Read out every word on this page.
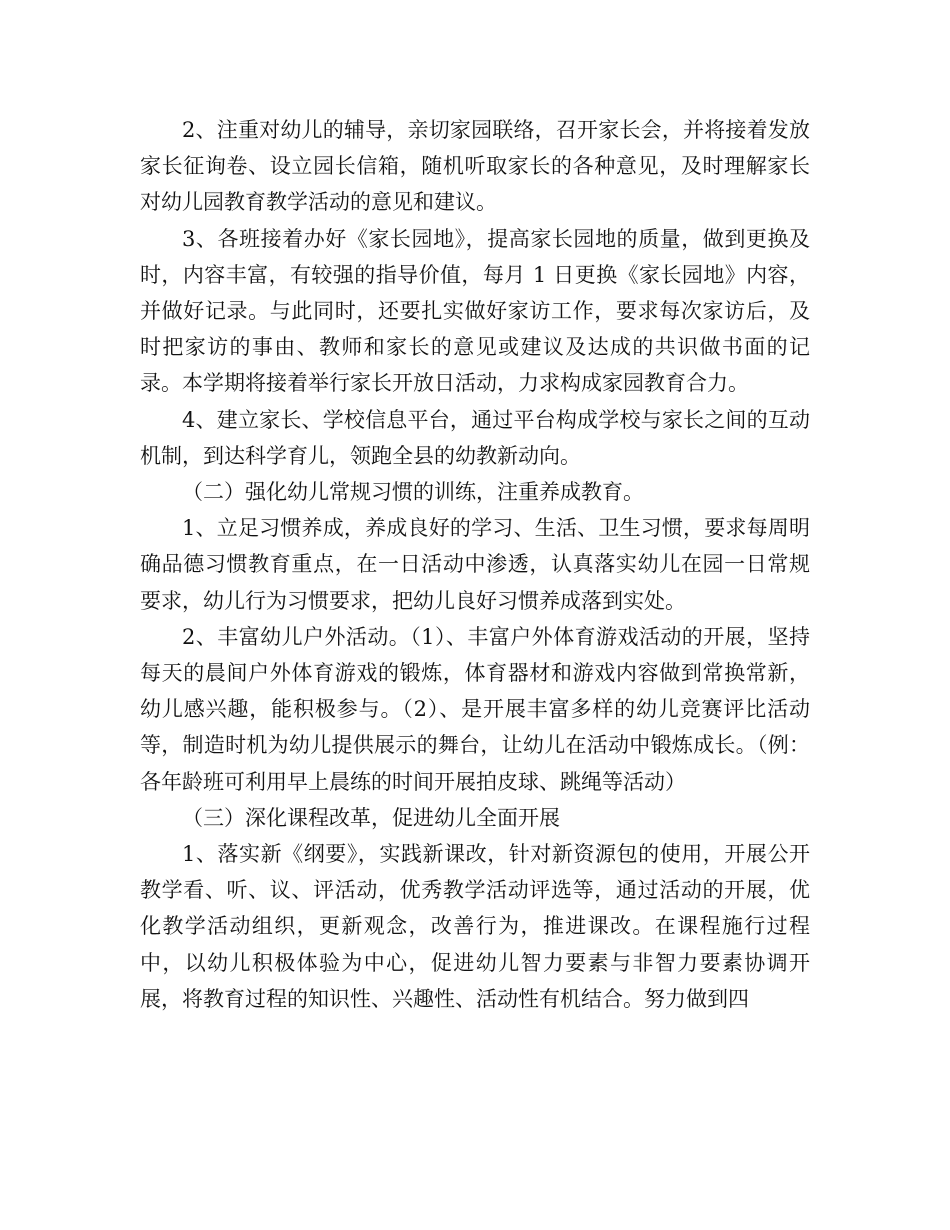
2、注重对幼儿的辅导，亲切家园联络，召开家长会，并将接着发放家长征询卷、设立园长信箱，随机听取家长的各种意见，及时理解家长对幼儿园教育教学活动的意见和建议。

3、各班接着办好《家长园地》，提高家长园地的质量，做到更换及时，内容丰富，有较强的指导价值，每月 1 日更换《家长园地》内容，并做好记录。与此同时，还要扎实做好家访工作，要求每次家访后，及时把家访的事由、教师和家长的意见或建议及达成的共识做书面的记录。本学期将接着举行家长开放日活动，力求构成家园教育合力。

4、建立家长、学校信息平台，通过平台构成学校与家长之间的互动机制，到达科学育儿，领跑全县的幼教新动向。

（二）强化幼儿常规习惯的训练，注重养成教育。

1、立足习惯养成，养成良好的学习、生活、卫生习惯，要求每周明确品德习惯教育重点，在一日活动中渗透，认真落实幼儿在园一日常规要求，幼儿行为习惯要求，把幼儿良好习惯养成落到实处。

2、丰富幼儿户外活动。（1）、丰富户外体育游戏活动的开展，坚持每天的晨间户外体育游戏的锻炼，体育器材和游戏内容做到常换常新，幼儿感兴趣，能积极参与。（2）、是开展丰富多样的幼儿竞赛评比活动等，制造时机为幼儿提供展示的舞台，让幼儿在活动中锻炼成长。（例：各年龄班可利用早上晨练的时间开展拍皮球、跳绳等活动）

（三）深化课程改革，促进幼儿全面开展

1、落实新《纲要》，实践新课改，针对新资源包的使用，开展公开教学看、听、议、评活动，优秀教学活动评选等，通过活动的开展，优化教学活动组织，更新观念，改善行为，推进课改。在课程施行过程中，以幼儿积极体验为中心，促进幼儿智力要素与非智力要素协调开展，将教育过程的知识性、兴趣性、活动性有机结合。努力做到四
